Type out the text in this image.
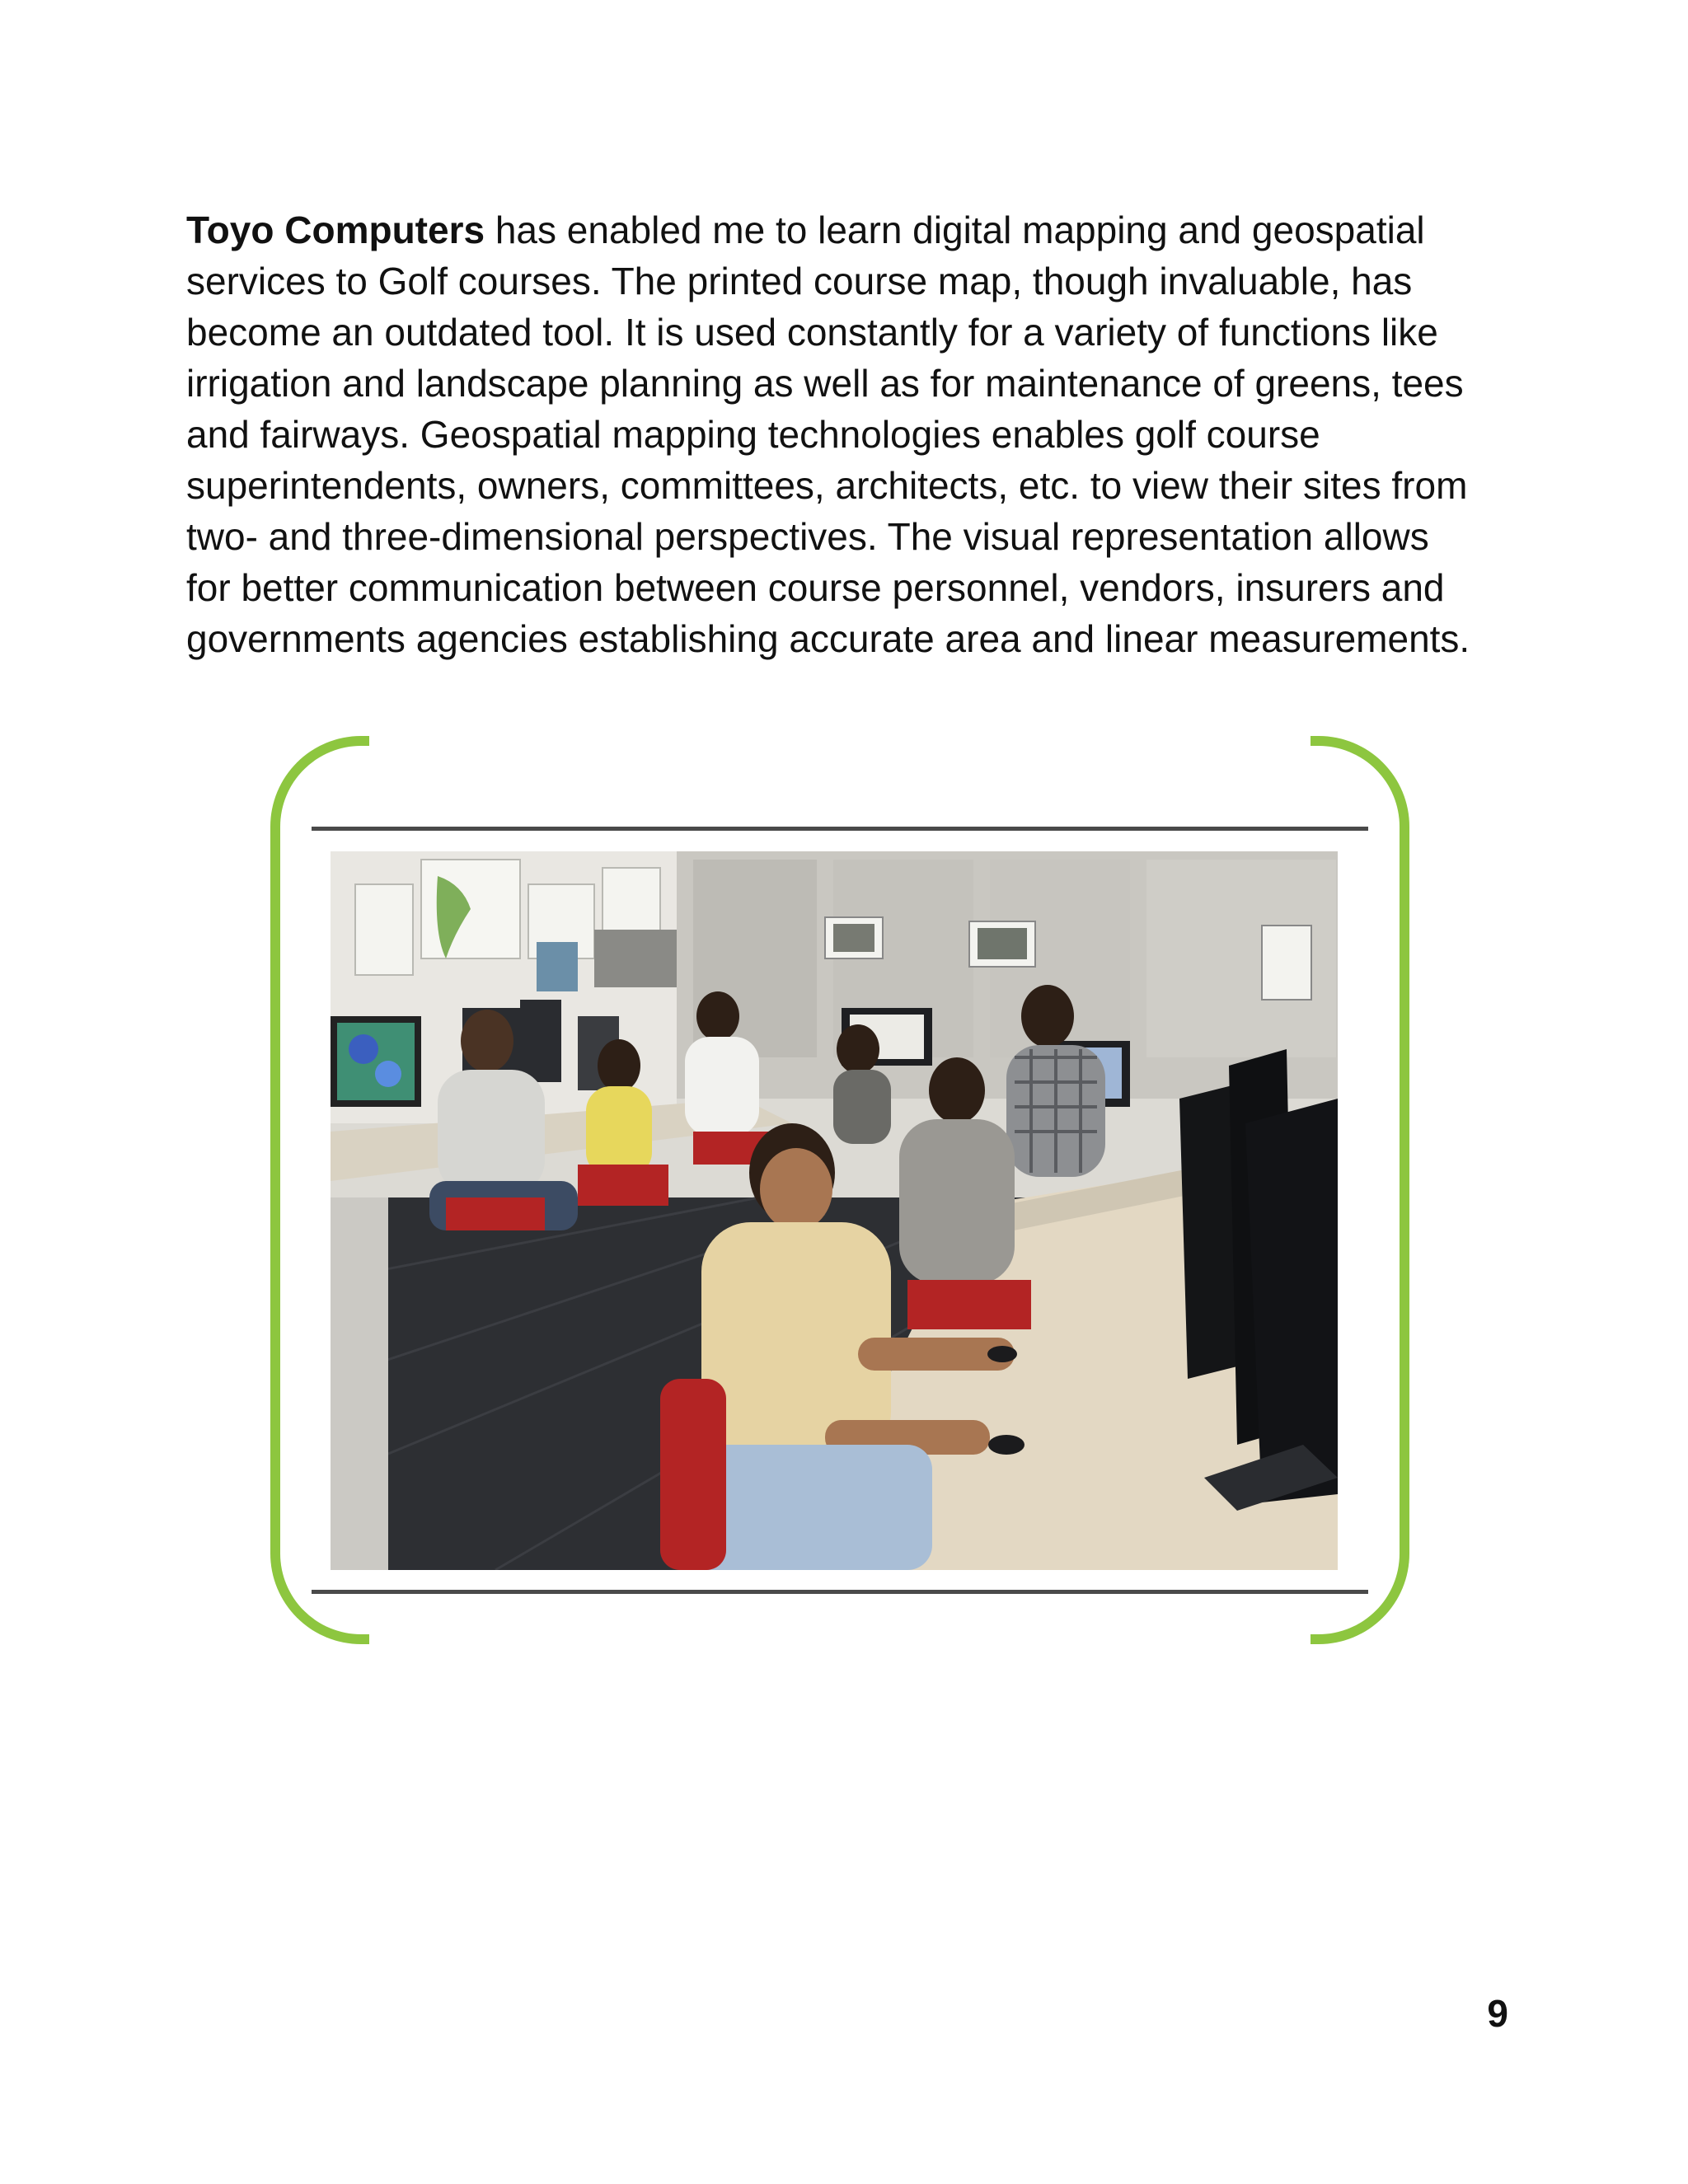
Toyo Computers has enabled me to learn digital mapping and geospatial
services to Golf courses. The printed course map, though invaluable, has
become an outdated tool. It is used constantly for a variety of functions like
irrigation and landscape planning as well as for maintenance of greens, tees
and fairways. Geospatial mapping technologies enables golf course
superintendents, owners, committees, architects, etc. to view their sites from
two- and three-dimensional perspectives. The visual representation allows
for better communication between course personnel, vendors, insurers and
governments agencies establishing accurate area and linear measurements.

9
